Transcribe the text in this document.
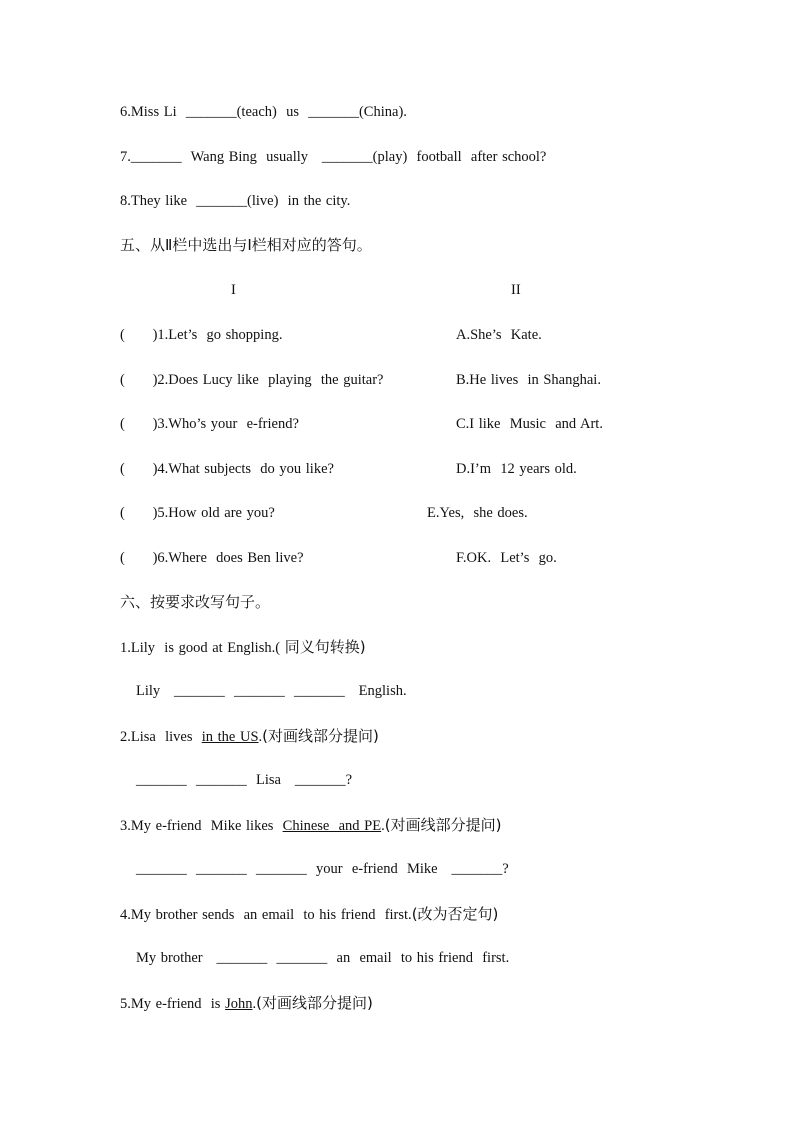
6.Miss Li  _______(teach)  us  _______(China).
7._______  Wang Bing  usually   _______(play)  football  after school?
8.They like  _______(live)  in the city.
五、从Ⅱ栏中选出与Ⅰ栏相对应的答句。
I	II
(      )1.Let’s  go shopping.
(      )2.Does Lucy like  playing  the guitar?
(      )3.Who’s your  e-friend?
(      )4.What subjects  do you like?
(      )5.How old are you?
(      )6.Where  does Ben live?
A.She’s  Kate.
B.He lives  in Shanghai.
C.I like  Music  and Art.
D.I’m  12 years old.
E.Yes,  she does.
F.OK.  Let’s  go.
六、按要求改写句子。
1.Lily  is good at English.( 同义句转换)
Lily   _______  _______  _______   English.
2.Lisa  lives  in the US.(对画线部分提问)
_______  _______  Lisa   _______?
3.My e-friend  Mike likes  Chinese  and PE.(对画线部分提问)
_______  _______  _______  your  e-friend  Mike   _______?
4.My brother sends  an email  to his friend  first.(改为否定句)
My brother   _______  _______  an  email  to his friend  first.
5.My e-friend  is John.(对画线部分提问)
